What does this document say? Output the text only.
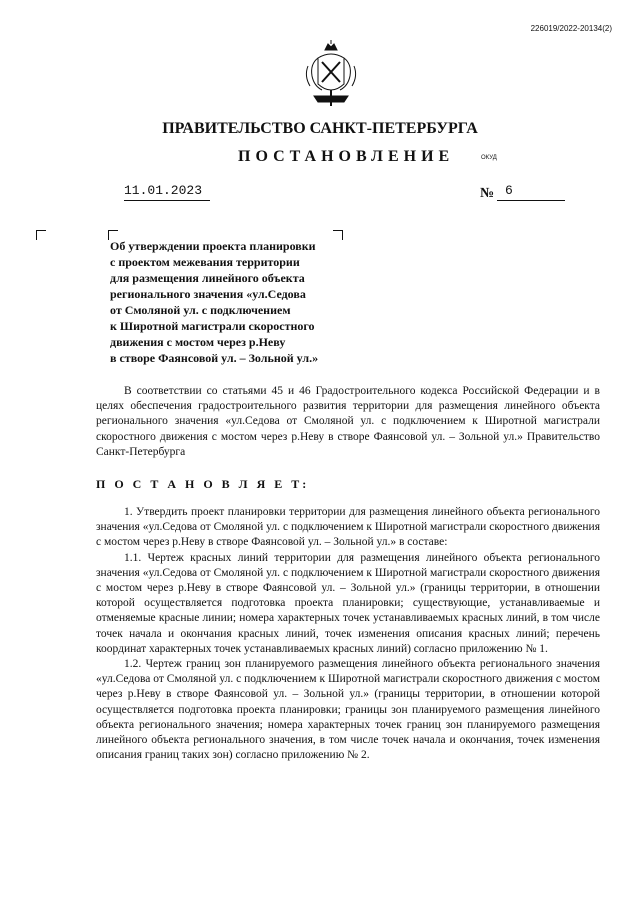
226019/2022-20134(2)
ПРАВИТЕЛЬСТВО САНКТ-ПЕТЕРБУРГА
ПОСТАНОВЛЕНИЕ	ОКУД
11.01.2023	№ 6
Об утверждении проекта планировки
с проектом межевания территории
для размещения линейного объекта
регионального значения «ул.Седова
от Смоляной ул. с подключением
к Широтной магистрали скоростного
движения с мостом через р.Неву
в створе Фаянсовой ул. – Зольной ул.»

В соответствии со статьями 45 и 46 Градостроительного кодекса Российской Федерации и в целях обеспечения градостроительного развития территории для размещения линейного объекта регионального значения «ул.Седова от Смоляной ул. с подключением к Широтной магистрали скоростного движения с мостом через р.Неву в створе Фаянсовой ул. – Зольной ул.» Правительство Санкт-Петербурга

П О С Т А Н О В Л Я Е Т:

1. Утвердить проект планировки территории для размещения линейного объекта регионального значения «ул.Седова от Смоляной ул. с подключением к Широтной магистрали скоростного движения с мостом через р.Неву в створе Фаянсовой ул. – Зольной ул.» в составе:

1.1. Чертеж красных линий территории для размещения линейного объекта регионального значения «ул.Седова от Смоляной ул. с подключением к Широтной магистрали скоростного движения с мостом через р.Неву в створе Фаянсовой ул. – Зольной ул.» (границы территории, в отношении которой осуществляется подготовка проекта планировки; существующие, устанавливаемые и отменяемые красные линии; номера характерных точек устанавливаемых красных линий, в том числе точек начала и окончания красных линий, точек изменения описания красных линий; перечень координат характерных точек устанавливаемых красных линий) согласно приложению № 1.

1.2. Чертеж границ зон планируемого размещения линейного объекта регионального значения «ул.Седова от Смоляной ул. с подключением к Широтной магистрали скоростного движения с мостом через р.Неву в створе Фаянсовой ул. – Зольной ул.» (границы территории, в отношении которой осуществляется подготовка проекта планировки; границы зон планируемого размещения линейного объекта регионального значения; номера характерных точек границ зон планируемого размещения линейного объекта регионального значения, в том числе точек начала и окончания, точек изменения описания границ таких зон) согласно приложению № 2.
